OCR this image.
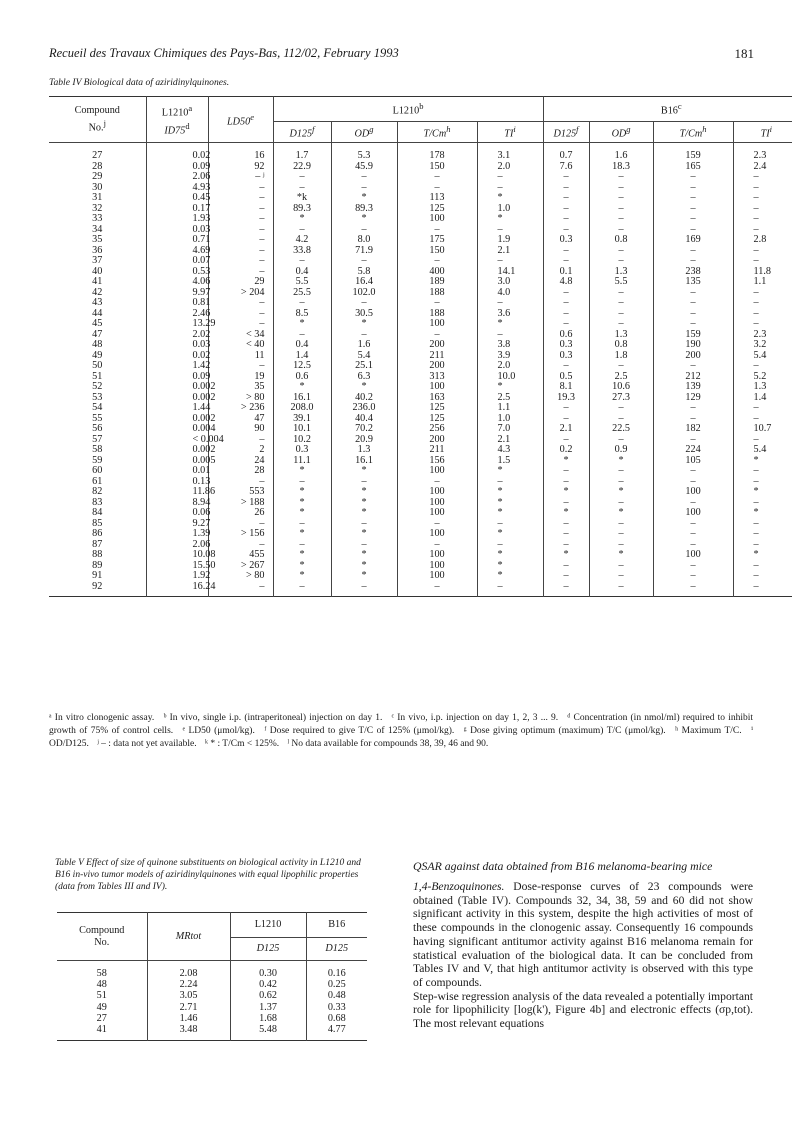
Recueil des Travaux Chimiques des Pays-Bas, 112/02, February 1993	181
Table IV Biological data of aziridinylquinones.
Compound
No.$^j$	L1210$^a$
ID75$^d$	LD50e	L1210$^b$				B16$^c$
			D125$^f$	$OD^g$	T/Cm$^h$	$TI^i$	D125$^f$	$OD^g$	T/Cm$^h$	$TI^i$
27	0.02	16	1.7	5.3	178	3.1	0.7	1.6	159	2.3
28	0.09	92	22.9	45.9	150	2.0	7.6	18.3	165	2.4
29	2.06	– ʲ	–	–	–	–	–	–	–	–
30	4.93	–	–	–	–	–	–	–	–	–
31	0.45	–	*k	*	113	*	–	–	–	–
32	0.17	–	89.3	89.3	125	1.0	–	–	–	–
33	1.93	–	*	*	100	*	–	–	–	–
34	0.03	–	–	–	–	–	–	–	–	–
35	0.71	–	4.2	8.0	175	1.9	0.3	0.8	169	2.8
36	4.69	–	33.8	71.9	150	2.1	–	–	–	–
37	0.07	–	–	–	–	–	–	–	–	–
40	0.53	–	0.4	5.8	400	14.1	0.1	1.3	238	11.8
41	4.06	29	5.5	16.4	189	3.0	4.8	5.5	135	1.1
42	9.97	> 204	25.5	102.0	188	4.0	–	–	–	–
43	0.81	–	–	–	–	–	–	–	–	–
44	2.46	–	8.5	30.5	188	3.6	–	–	–	–
45	13.29	–	*	*	100	*	–	–	–	–
47	2.02	< 34	–	–	–	–	0.6	1.3	159	2.3
48	0.03	< 40	0.4	1.6	200	3.8	0.3	0.8	190	3.2
49	0.02	11	1.4	5.4	211	3.9	0.3	1.8	200	5.4
50	1.42	–	12.5	25.1	200	2.0	–	–	–	–
51	0.09	19	0.6	6.3	313	10.0	0.5	2.5	212	5.2
52	0.002	35	*	*	100	*	8.1	10.6	139	1.3
53	0.002	> 80	16.1	40.2	163	2.5	19.3	27.3	129	1.4
54	1.44	> 236	208.0	236.0	125	1.1	–	–	–	–
55	0.002	47	39.1	40.4	125	1.0	–	–	–	–
56	0.004	90	10.1	70.2	256	7.0	2.1	22.5	182	10.7
57	< 0.004	–	10.2	20.9	200	2.1	–	–	–	–
58	0.002	2	0.3	1.3	211	4.3	0.2	0.9	224	5.4
59	0.005	24	11.1	16.1	156	1.5	*	*	105	*
60	0.01	28	*	*	100	*	–	–	–	–
61	0.13	–	–	–	–	–	–	–	–	–
82	11.86	553	*	*	100	*	*	*	100	*
83	8.94	> 188	*	*	100	*	–	–	–	–
84	0.06	26	*	*	100	*	*	*	100	*
85	9.27	–	–	–	–	–	–	–	–	–
86	1.39	> 156	*	*	100	*	–	–	–	–
87	2.06	–	–	–	–	–	–	–	–	–
88	10.08	455	*	*	100	*	*	*	100	*
89	15.50	> 267	*	*	100	*	–	–	–	–
91	1.92	> 80	*	*	100	*	–	–	–	–
92	16.24	–	–	–	–	–	–	–	–	–
ᵃ In vitro clonogenic assay. ᵇ In vivo, single i.p. (intraperitoneal) injection on day 1. ᶜ In vivo, i.p. injection on day 1, 2, 3 ... 9. ᵈ Concentration (in nmol/ml) required to inhibit growth of 75% of control cells. ᵉ LD50 (μmol/kg). ᶠ Dose required to give T/C of 125% (μmol/kg). ᵍ Dose giving optimum (maximum) T/C (μmol/kg). ʰ Maximum T/C. ⁱ OD/D125. ʲ – : data not yet available. ᵏ * : T/Cm < 125%. ˡ No data available for compounds 38, 39, 46 and 90.
Table V Effect of size of quinone substituents on biological activity in L1210 and B16 in-vivo tumor models of aziridinylquinones with equal lipophilic properties (data from Tables III and IV).
Compound
No.	MRtot	L1210	B16
		D125	D125
58	2.08	0.30	0.16
48	2.24	0.42	0.25
51	3.05	0.62	0.48
49	2.71	1.37	0.33
27	1.46	1.68	0.68
41	3.48	5.48	4.77
QSAR against data obtained from B16 melanoma-bearing mice

1,4-Benzoquinones. Dose-response curves of 23 compounds were obtained (Table IV). Compounds 32, 34, 38, 59 and 60 did not show significant activity in this system, despite the high activities of most of these compounds in the clonogenic assay. Consequently 16 compounds having significant antitumor activity against B16 melanoma remain for statistical evaluation of the biological data. It can be concluded from Tables IV and V, that high antitumor activity is observed with this type of compounds.

Step-wise regression analysis of the data revealed a potentially important role for lipophilicity [log(k'), Figure 4b] and electronic effects (σp,tot). The most relevant equations
